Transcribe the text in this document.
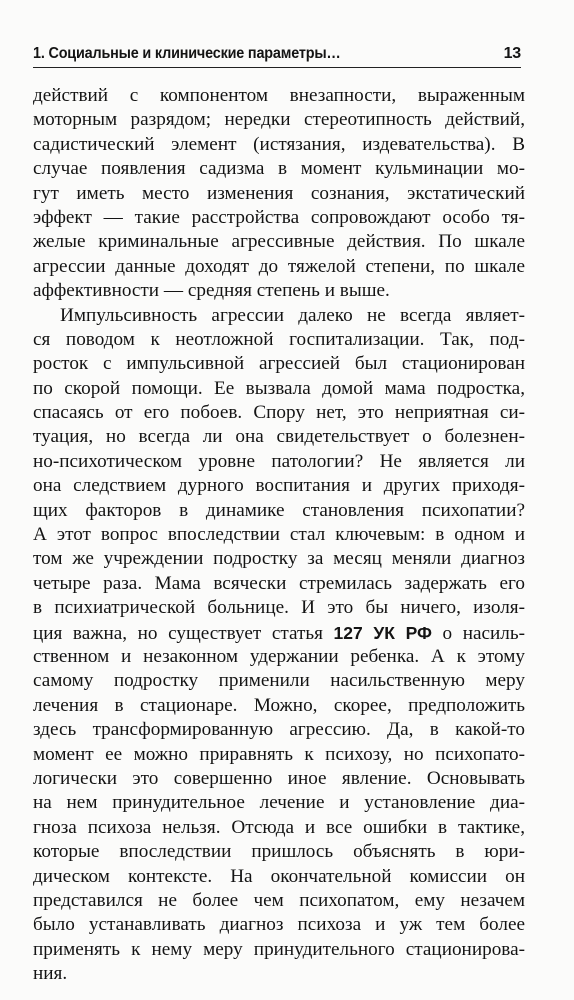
1. Социальные и клинические параметры…	13
действий с компонентом внезапности, выраженным
моторным разрядом; нередки стереотипность действий,
садистический элемент (истязания, издевательства). В
случае появления садизма в момент кульминации мо-
гут иметь место изменения сознания, экстатический
эффект — такие расстройства сопровождают особо тя-
желые криминальные агрессивные действия. По шкале
агрессии данные доходят до тяжелой степени, по шкале
аффективности — средняя степень и выше.
Импульсивность агрессии далеко не всегда являет-
ся поводом к неотложной госпитализации. Так, под-
росток с импульсивной агрессией был стационирован
по скорой помощи. Ее вызвала домой мама подростка,
спасаясь от его побоев. Спору нет, это неприятная си-
туация, но всегда ли она свидетельствует о болезнен-
но-психотическом уровне патологии? Не является ли
она следствием дурного воспитания и других приходя-
щих факторов в динамике становления психопатии?
А этот вопрос впоследствии стал ключевым: в одном и
том же учреждении подростку за месяц меняли диагноз
четыре раза. Мама всячески стремилась задержать его
в психиатрической больнице. И это бы ничего, изоля-
ция важна, но существует статья 127 УК РФ о насиль-
ственном и незаконном удержании ребенка. А к этому
самому подростку применили насильственную меру
лечения в стационаре. Можно, скорее, предположить
здесь трансформированную агрессию. Да, в какой-то
момент ее можно приравнять к психозу, но психопато-
логически это совершенно иное явление. Основывать
на нем принудительное лечение и установление диа-
гноза психоза нельзя. Отсюда и все ошибки в тактике,
которые впоследствии пришлось объяснять в юри-
дическом контексте. На окончательной комиссии он
представился не более чем психопатом, ему незачем
было устанавливать диагноз психоза и уж тем более
применять к нему меру принудительного стационирова-
ния.
